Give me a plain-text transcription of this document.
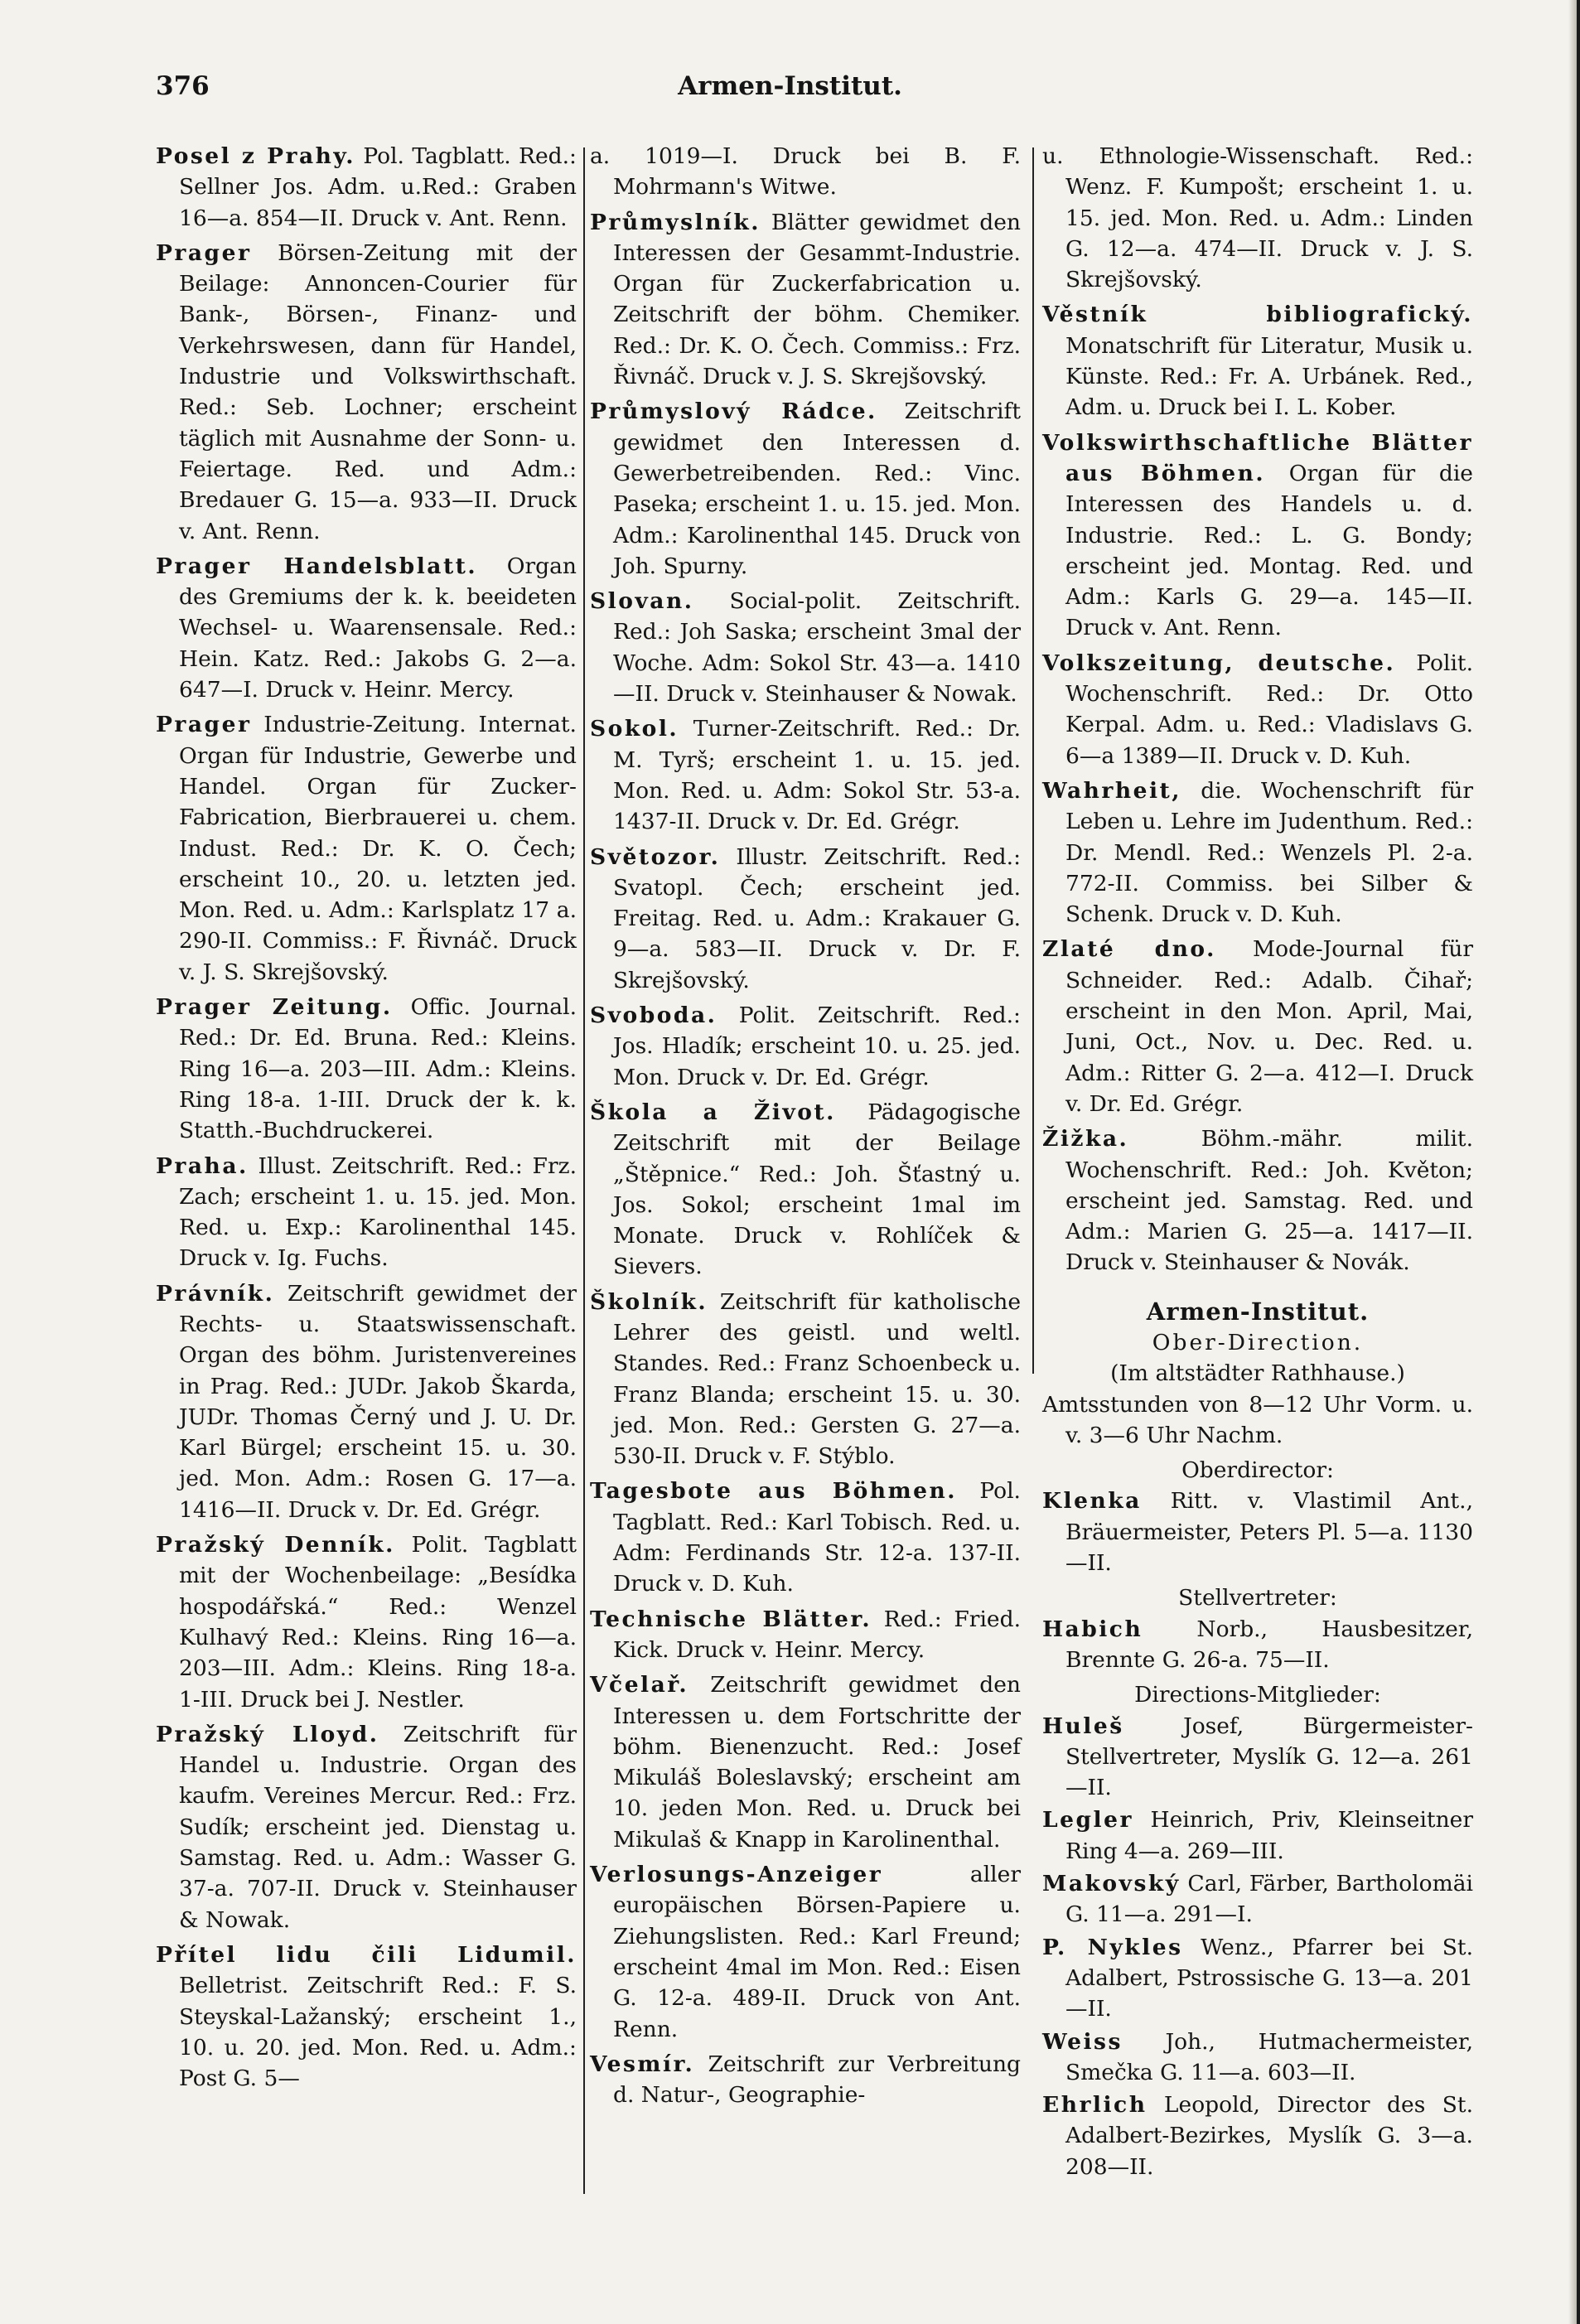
376	Armen-Institut.
Posel z Prahy. Pol. Tagblatt. Red.: Sellner Jos. Adm. u.Red.: Graben 16—a. 854—II. Druck v. Ant. Renn.
Prager Börsen-Zeitung mit der Beilage: Annoncen-Courier für Bank-, Börsen-, Finanz- und Verkehrswesen, dann für Handel, Industrie und Volkswirthschaft. Red.: Seb. Lochner; erscheint täglich mit Ausnahme der Sonn- u. Feiertage. Red. und Adm.: Bredauer G. 15—a. 933—II. Druck v. Ant. Renn.
Prager Handelsblatt. Organ des Gremiums der k. k. beeideten Wechsel- u. Waarensensale. Red.: Hein. Katz. Red.: Jakobs G. 2—a. 647—I. Druck v. Heinr. Mercy.
Prager Industrie-Zeitung. Internat. Organ für Industrie, Gewerbe und Handel. Organ für Zucker-Fabrication, Bierbrauerei u. chem. Indust. Red.: Dr. K. O. Čech; erscheint 10., 20. u. letzten jed. Mon. Red. u. Adm.: Karlsplatz 17 a. 290-II. Commiss.: F. Řivnáč. Druck v. J. S. Skrejšovský.
Prager Zeitung. Offic. Journal. Red.: Dr. Ed. Bruna. Red.: Kleins. Ring 16—a. 203—III. Adm.: Kleins. Ring 18-a. 1-III. Druck der k. k. Statth.-Buchdruckerei.
Praha. Illust. Zeitschrift. Red.: Frz. Zach; erscheint 1. u. 15. jed. Mon. Red. u. Exp.: Karolinenthal 145. Druck v. Ig. Fuchs.
Právník. Zeitschrift gewidmet der Rechts- u. Staatswissenschaft. Organ des böhm. Juristenvereines in Prag. Red.: JUDr. Jakob Škarda, JUDr. Thomas Černý und J. U. Dr. Karl Bürgel; erscheint 15. u. 30. jed. Mon. Adm.: Rosen G. 17—a. 1416—II. Druck v. Dr. Ed. Grégr.
Pražský Denník. Polit. Tagblatt mit der Wochenbeilage: „Besídka hospodářská.“ Red.: Wenzel Kulhavý Red.: Kleins. Ring 16—a. 203—III. Adm.: Kleins. Ring 18-a. 1-III. Druck bei J. Nestler.
Pražský Lloyd. Zeitschrift für Handel u. Industrie. Organ des kaufm. Vereines Mercur. Red.: Frz. Sudík; erscheint jed. Dienstag u. Samstag. Red. u. Adm.: Wasser G. 37-a. 707-II. Druck v. Steinhauser & Nowak.
Přítel lidu čili Lidumil. Belletrist. Zeitschrift Red.: F. S. Steyskal-Lažanský; erscheint 1., 10. u. 20. jed. Mon. Red. u. Adm.: Post G. 5—
a. 1019—I. Druck bei B. F. Mohrmann's Witwe.
Průmyslník. Blätter gewidmet den Interessen der Gesammt-Industrie. Organ für Zuckerfabrication u. Zeitschrift der böhm. Chemiker. Red.: Dr. K. O. Čech. Commiss.: Frz. Řivnáč. Druck v. J. S. Skrejšovský.
Průmyslový Rádce. Zeitschrift gewidmet den Interessen d. Gewerbetreibenden. Red.: Vinc. Paseka; erscheint 1. u. 15. jed. Mon. Adm.: Karolinenthal 145. Druck von Joh. Spurny.
Slovan. Social-polit. Zeitschrift. Red.: Joh Saska; erscheint 3mal der Woche. Adm: Sokol Str. 43—a. 1410—II. Druck v. Steinhauser & Nowak.
Sokol. Turner-Zeitschrift. Red.: Dr. M. Tyrš; erscheint 1. u. 15. jed. Mon. Red. u. Adm: Sokol Str. 53-a. 1437-II. Druck v. Dr. Ed. Grégr.
Světozor. Illustr. Zeitschrift. Red.: Svatopl. Čech; erscheint jed. Freitag. Red. u. Adm.: Krakauer G. 9—a. 583—II. Druck v. Dr. F. Skrejšovský.
Svoboda. Polit. Zeitschrift. Red.: Jos. Hladík; erscheint 10. u. 25. jed. Mon. Druck v. Dr. Ed. Grégr.
Škola a Život. Pädagogische Zeitschrift mit der Beilage „Štěpnice.“ Red.: Joh. Šťastný u. Jos. Sokol; erscheint 1mal im Monate. Druck v. Rohlíček & Sievers.
Školník. Zeitschrift für katholische Lehrer des geistl. und weltl. Standes. Red.: Franz Schoenbeck u. Franz Blanda; erscheint 15. u. 30. jed. Mon. Red.: Gersten G. 27—a. 530-II. Druck v. F. Stýblo.
Tagesbote aus Böhmen. Pol. Tagblatt. Red.: Karl Tobisch. Red. u. Adm: Ferdinands Str. 12-a. 137-II. Druck v. D. Kuh.
Technische Blätter. Red.: Fried. Kick. Druck v. Heinr. Mercy.
Včelař. Zeitschrift gewidmet den Interessen u. dem Fortschritte der böhm. Bienenzucht. Red.: Josef Mikuláš Boleslavský; erscheint am 10. jeden Mon. Red. u. Druck bei Mikulaš & Knapp in Karolinenthal.
Verlosungs-Anzeiger aller europäischen Börsen-Papiere u. Ziehungslisten. Red.: Karl Freund; erscheint 4mal im Mon. Red.: Eisen G. 12-a. 489-II. Druck von Ant. Renn.
Vesmír. Zeitschrift zur Verbreitung d. Natur-, Geographie-
u. Ethnologie-Wissenschaft. Red.: Wenz. F. Kumpošt; erscheint 1. u. 15. jed. Mon. Red. u. Adm.: Linden G. 12—a. 474—II. Druck v. J. S. Skrejšovský.
Věstník bibliografický. Monatschrift für Literatur, Musik u. Künste. Red.: Fr. A. Urbánek. Red., Adm. u. Druck bei I. L. Kober.
Volkswirthschaftliche Blätter aus Böhmen. Organ für die Interessen des Handels u. d. Industrie. Red.: L. G. Bondy; erscheint jed. Montag. Red. und Adm.: Karls G. 29—a. 145—II. Druck v. Ant. Renn.
Volkszeitung, deutsche. Polit. Wochenschrift. Red.: Dr. Otto Kerpal. Adm. u. Red.: Vladislavs G. 6—a 1389—II. Druck v. D. Kuh.
Wahrheit, die. Wochenschrift für Leben u. Lehre im Judenthum. Red.: Dr. Mendl. Red.: Wenzels Pl. 2-a. 772-II. Commiss. bei Silber & Schenk. Druck v. D. Kuh.
Zlaté dno. Mode-Journal für Schneider. Red.: Adalb. Čihař; erscheint in den Mon. April, Mai, Juni, Oct., Nov. u. Dec. Red. u. Adm.: Ritter G. 2—a. 412—I. Druck v. Dr. Ed. Grégr.
Žižka. Böhm.-mähr. milit. Wochenschrift. Red.: Joh. Květon; erscheint jed. Samstag. Red. und Adm.: Marien G. 25—a. 1417—II. Druck v. Steinhauser & Novák.
Armen-Institut.
Ober-Direction.
(Im altstädter Rathhause.)
Amtsstunden von 8—12 Uhr Vorm. u. v. 3—6 Uhr Nachm.
Oberdirector:
Klenka Ritt. v. Vlastimil Ant., Bräuermeister, Peters Pl. 5—a. 1130—II.
Stellvertreter:
Habich Norb., Hausbesitzer, Brennte G. 26-a. 75—II.
Directions-Mitglieder:
Huleš Josef, Bürgermeister-Stellvertreter, Myslík G. 12—a. 261—II.
Legler Heinrich, Priv, Kleinseitner Ring 4—a. 269—III.
Makovský Carl, Färber, Bartholomäi G. 11—a. 291—I.
P. Nykles Wenz., Pfarrer bei St. Adalbert, Pstrossische G. 13—a. 201—II.
Weiss Joh., Hutmachermeister, Smečka G. 11—a. 603—II.
Ehrlich Leopold, Director des St. Adalbert-Bezirkes, Myslík G. 3—a. 208—II.
